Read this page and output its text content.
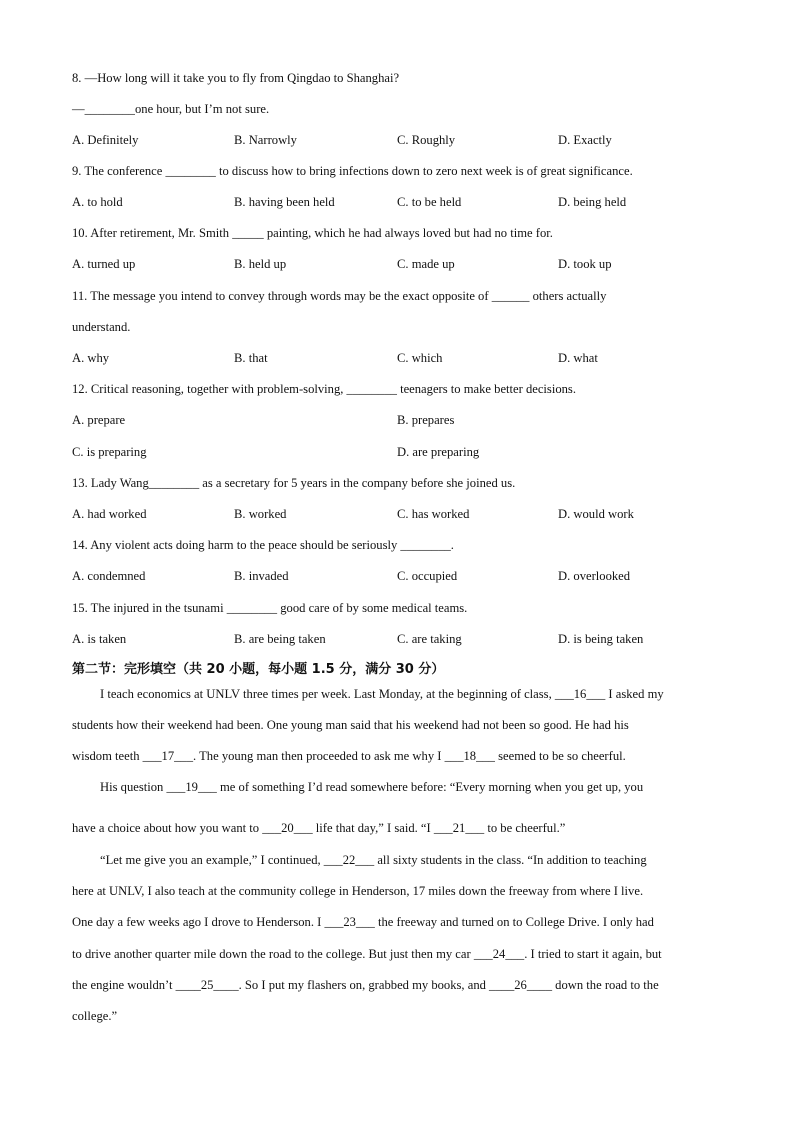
8. —How long will it take you to fly from Qingdao to Shanghai?
—________one hour, but I’m not sure.
A. Definitely	B. Narrowly	C. Roughly	D. Exactly
9. The conference ________ to discuss how to bring infections down to zero next week is of great significance.
A. to hold	B. having been held	C. to be held	D. being held
10. After retirement, Mr. Smith _____ painting, which he had always loved but had no time for.
A. turned up	B. held up	C. made up	D. took up
11. The message you intend to convey through words may be the exact opposite of ______ others actually
understand.
A. why	B. that	C. which	D. what
12. Critical reasoning, together with problem-solving, ________ teenagers to make better decisions.
A. prepare	B. prepares
C. is preparing	D. are preparing
13. Lady Wang________ as a secretary for 5 years in the company before she joined us.
A. had worked	B. worked	C. has worked	D. would work
14. Any violent acts doing harm to the peace should be seriously ________.
A. condemned	B. invaded	C. occupied	D. overlooked
15. The injured in the tsunami ________ good care of by some medical teams.
A. is taken	B. are being taken	C. are taking	D. is being taken
第二节：完形填空（共 20 小题，每小题 1.5 分，满分 30 分）
I teach economics at UNLV three times per week. Last Monday, at the beginning of class, ___16___ I asked my
students how their weekend had been. One young man said that his weekend had not been so good. He had his
wisdom teeth ___17___. The young man then proceeded to ask me why I ___18___ seemed to be so cheerful.
His question ___19___ me of something I’d read somewhere before: “Every morning when you get up, you
have a choice about how you want to ___20___ life that day,” I said. “I ___21___ to be cheerful.”
“Let me give you an example,” I continued, ___22___ all sixty students in the class. “In addition to teaching
here at UNLV, I also teach at the community college in Henderson, 17 miles down the freeway from where I live.
One day a few weeks ago I drove to Henderson. I ___23___ the freeway and turned on to College Drive. I only had
to drive another quarter mile down the road to the college. But just then my car ___24___. I tried to start it again, but
the engine wouldn’t ____25____. So I put my flashers on, grabbed my books, and ____26____ down the road to the
college.”
